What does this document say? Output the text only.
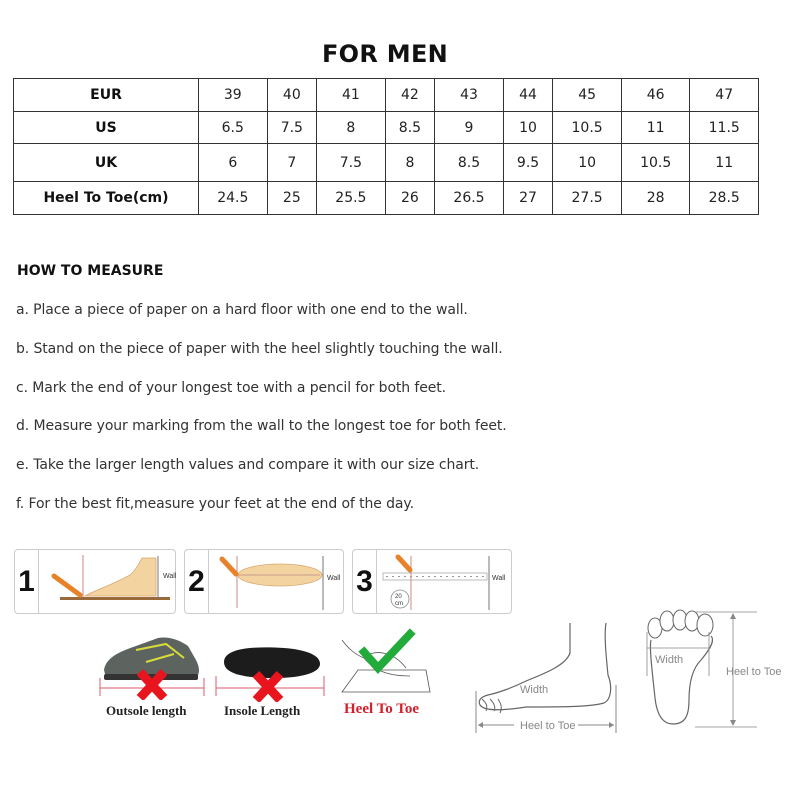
FOR MEN
EUR	39	40	41	42	43	44	45	46	47
US	6.5	7.5	8	8.5	9	10	10.5	11	11.5
UK	6	7	7.5	8	8.5	9.5	10	10.5	11
Heel To Toe(cm)	24.5	25	25.5	26	26.5	27	27.5	28	28.5
HOW TO MEASURE

a. Place a piece of paper on a hard floor with one end to the wall.

b. Stand on the piece of paper with the heel slightly touching the wall.

c. Mark the end of your longest toe with a pencil for both feet.

d. Measure your marking from the wall to the longest toe for both feet.

e. Take the larger length values and compare it with our size chart.

f. For the best fit,measure your feet at the end of the day.

1	Wall 2	Wall 3	20
cm
Wall
Outsole length	Insole Length	Heel To Toe
Width
Heel to Toe
Width
Heel to Toe
